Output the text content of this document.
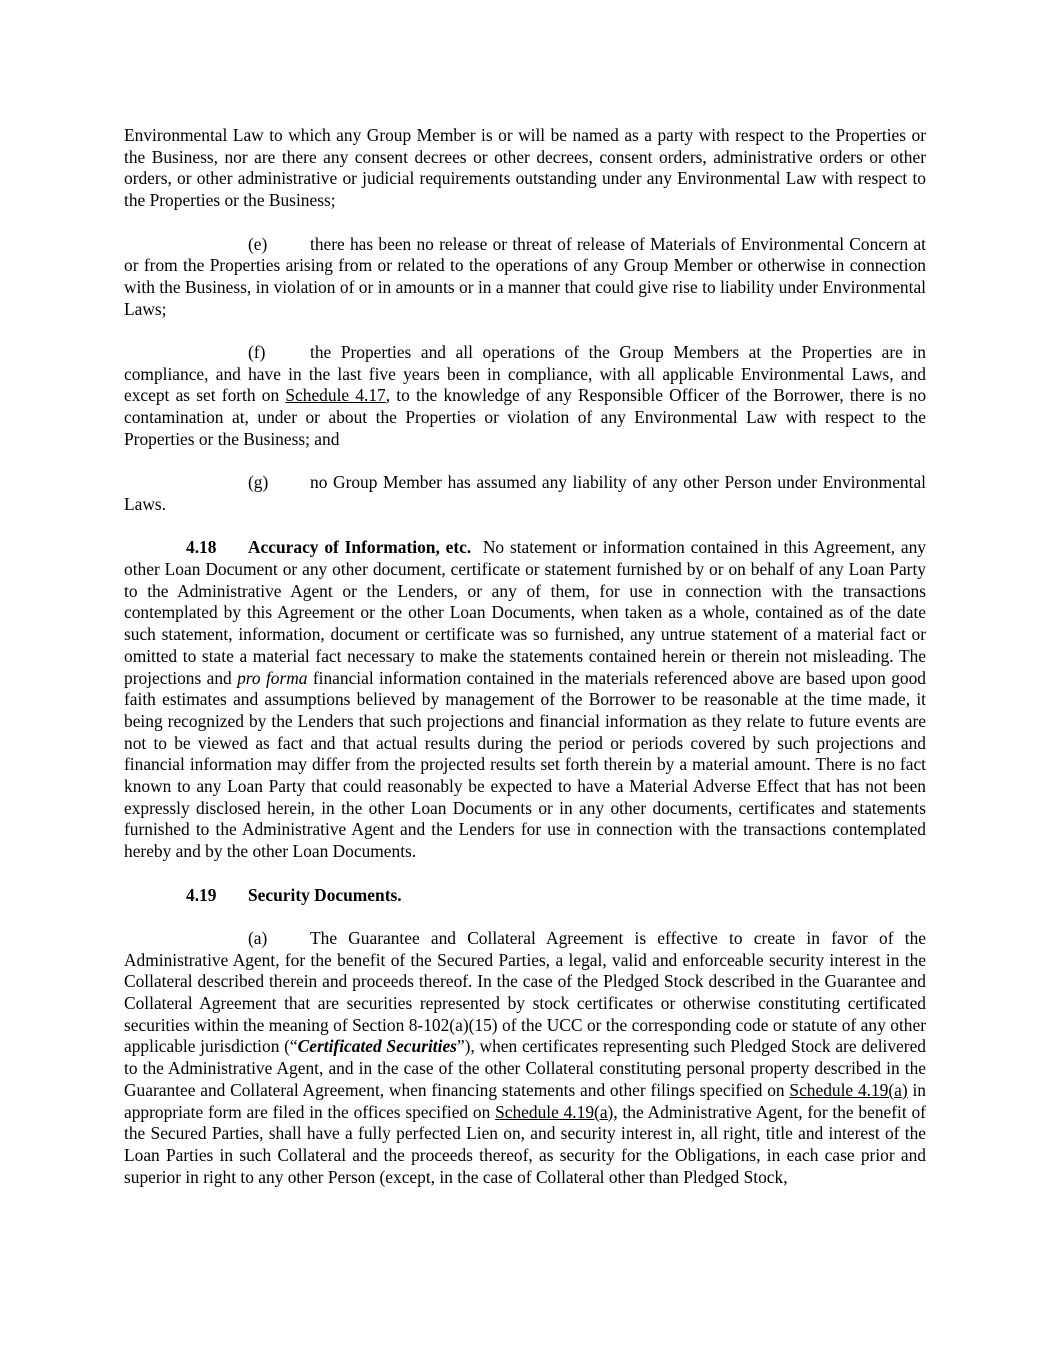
Environmental Law to which any Group Member is or will be named as a party with respect to the Properties or the Business, nor are there any consent decrees or other decrees, consent orders, administrative orders or other orders, or other administrative or judicial requirements outstanding under any Environmental Law with respect to the Properties or the Business;

(e) there has been no release or threat of release of Materials of Environmental Concern at or from the Properties arising from or related to the operations of any Group Member or otherwise in connection with the Business, in violation of or in amounts or in a manner that could give rise to liability under Environmental Laws;

(f)	the Properties and all operations of the Group Members at the Properties are in compliance, and have in the last five years been in compliance, with all applicable Environmental Laws, and except as set forth on Schedule 4.17, to the knowledge of any Responsible Officer of the Borrower, there is no contamination at, under or about the Properties or violation of any Environmental Law with respect to the Properties or the Business; and

(g) no Group Member has assumed any liability of any other Person under Environmental Laws.

4.18 Accuracy of Information, etc. No statement or information contained in this Agreement, any other Loan Document or any other document, certificate or statement furnished by or on behalf of any Loan Party to the Administrative Agent or the Lenders, or any of them, for use in connection with the transactions contemplated by this Agreement or the other Loan Documents, when taken as a whole, contained as of the date such statement, information, document or certificate was so furnished, any untrue statement of a material fact or omitted to state a material fact necessary to make the statements contained herein or therein not misleading. The projections and pro forma financial information contained in the materials referenced above are based upon good faith estimates and assumptions believed by management of the Borrower to be reasonable at the time made, it being recognized by the Lenders that such projections and financial information as they relate to future events are not to be viewed as fact and that actual results during the period or periods covered by such projections and financial information may differ from the projected results set forth therein by a material amount. There is no fact known to any Loan Party that could reasonably be expected to have a Material Adverse Effect that has not been expressly disclosed herein, in the other Loan Documents or in any other documents, certificates and statements furnished to the Administrative Agent and the Lenders for use in connection with the transactions contemplated hereby and by the other Loan Documents.

4.19 Security Documents.

(a) The Guarantee and Collateral Agreement is effective to create in favor of the Administrative Agent, for the benefit of the Secured Parties, a legal, valid and enforceable security interest in the Collateral described therein and proceeds thereof. In the case of the Pledged Stock described in the Guarantee and Collateral Agreement that are securities represented by stock certificates or otherwise constituting certificated securities within the meaning of Section 8-102(a)(15) of the UCC or the corresponding code or statute of any other applicable jurisdiction (“Certificated Securities”), when certificates representing such Pledged Stock are delivered to the Administrative Agent, and in the case of the other Collateral constituting personal property described in the Guarantee and Collateral Agreement, when financing statements and other filings specified on Schedule 4.19(a) in appropriate form are filed in the offices specified on Schedule 4.19(a), the Administrative Agent, for the benefit of the Secured Parties, shall have a fully perfected Lien on, and security interest in, all right, title and interest of the Loan Parties in such Collateral and the proceeds thereof, as security for the Obligations, in each case prior and superior in right to any other Person (except, in the case of Collateral other than Pledged Stock,
